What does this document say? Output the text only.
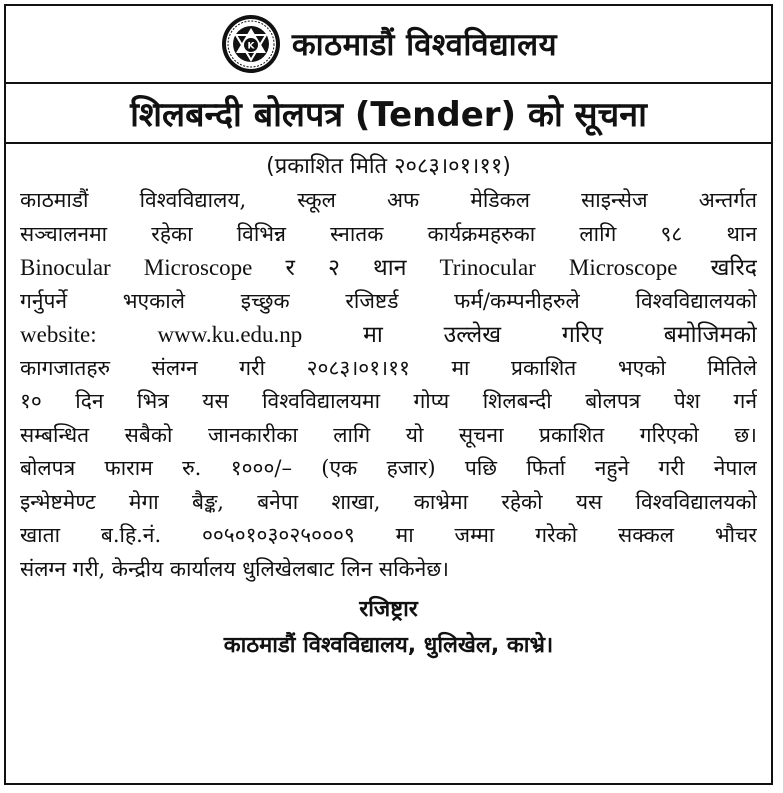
K काठमाडौं विश्वविद्यालय
शिलबन्दी बोलपत्र (Tender) को सूचना
(प्रकाशित मिति २०८३।०१।११)
काठमाडौं विश्वविद्यालय, स्कूल अफ मेडिकल साइन्सेज अन्तर्गत
सञ्चालनमा रहेका विभिन्न स्नातक कार्यक्रमहरुका लागि ९८ थान
Binocular Microscope र २ थान Trinocular Microscope खरिद
गर्नुपर्ने भएकाले इच्छुक रजिष्टर्ड फर्म/कम्पनीहरुले विश्वविद्यालयको
website: www.ku.edu.np मा उल्लेख गरिए बमोजिमको
कागजातहरु संलग्न गरी २०८३।०१।११ मा प्रकाशित भएको मितिले
१० दिन भित्र यस विश्वविद्यालयमा गोप्य शिलबन्दी बोलपत्र पेश गर्न
सम्बन्धित सबैको जानकारीका लागि यो सूचना प्रकाशित गरिएको छ।
बोलपत्र फाराम रु. १०००/– (एक हजार) पछि फिर्ता नहुने गरी नेपाल
इन्भेष्टमेण्ट मेगा बैङ्क, बनेपा शाखा, काभ्रेमा रहेको यस विश्वविद्यालयको
खाता ब.हि.नं. ००५०१०३०२५०००९ मा जम्मा गरेको सक्कल भौचर
संलग्न गरी, केन्द्रीय कार्यालय धुलिखेलबाट लिन सकिनेछ।
रजिष्ट्रार
काठमाडौं विश्वविद्यालय, धुलिखेल, काभ्रे।
